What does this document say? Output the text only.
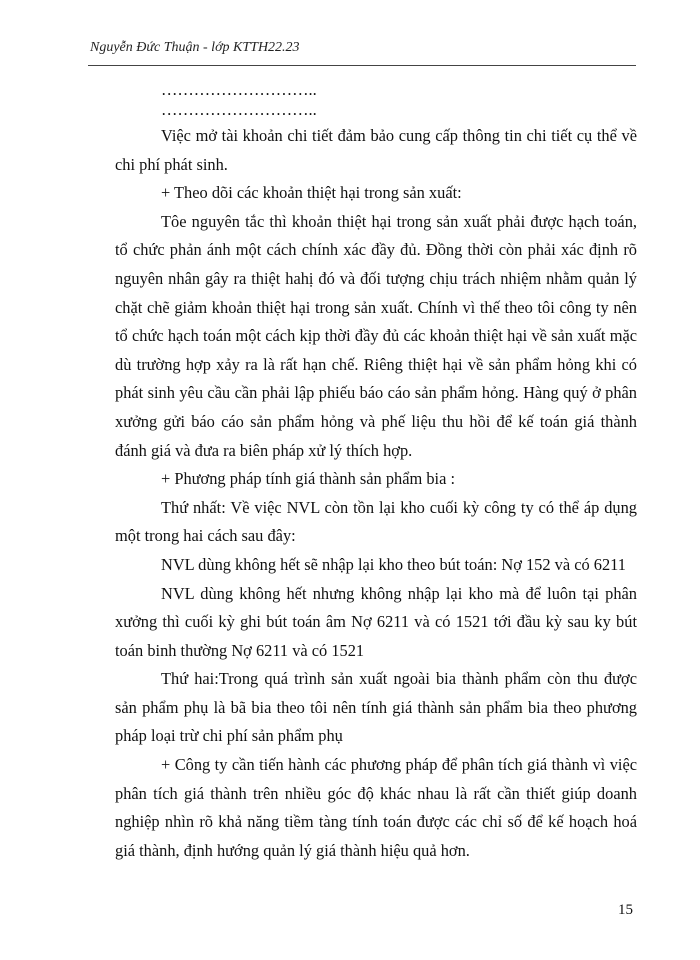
Nguyễn Đức Thuận - lớp KTTH22.23

………………………..

………………………..

Việc mở tài khoản chi tiết đảm bảo cung cấp thông tin chi tiết cụ thể về chi phí phát sinh.

+ Theo dõi các khoản thiệt hại trong sản xuất:

Tôe nguyên tắc thì khoản thiệt hại trong sản xuất phải được hạch toán, tổ chức phản ánh một cách chính xác đầy đủ. Đồng thời còn phải xác định rõ nguyên nhân gây ra thiệt hahị đó và đối tượng chịu trách nhiệm nhằm quản lý chặt chẽ giảm khoản thiệt hại trong sản xuất. Chính vì thế theo tôi công ty nên tổ chức hạch toán một cách kịp thời đầy đủ các khoản thiệt hại về sản xuất mặc dù trường hợp xảy ra là rất hạn chế. Riêng thiệt hại về sản phẩm hỏng khi có phát sinh yêu cầu cần phải lập phiếu báo cáo sản phẩm hỏng. Hàng quý ở phân xưởng gửi báo cáo sản phẩm hỏng và phế liệu thu hồi để kế toán giá thành đánh giá và đưa ra biên pháp xử lý thích hợp.

+ Phương pháp tính giá thành sản phẩm bia :

Thứ nhất: Về việc NVL còn tồn lại kho cuối kỳ công ty có thể áp dụng một trong hai cách sau đây:

NVL dùng không hết sẽ nhập lại kho theo bút toán: Nợ 152 và có 6211

NVL dùng không hết nhưng không nhập lại kho mà để luôn tại phân xưởng thì cuối kỳ ghi bút toán âm Nợ 6211 và có 1521 tới đầu kỳ sau ky bút toán binh thường Nợ 6211 và có 1521

Thứ hai:Trong quá trình sản xuất ngoài bia thành phẩm còn thu được sản phẩm phụ là bã bia theo tôi nên tính giá thành sản phẩm bia theo phương pháp loại trừ chi phí sản phẩm phụ

+ Công ty cần tiến hành các phương pháp để phân tích giá thành vì việc phân tích giá thành trên nhiều góc độ khác nhau là rất cần thiết giúp doanh nghiệp nhìn rõ khả năng tiềm tàng tính toán được các chỉ số để kế hoạch hoá giá thành, định hướng quản lý giá thành hiệu quả hơn.

15
